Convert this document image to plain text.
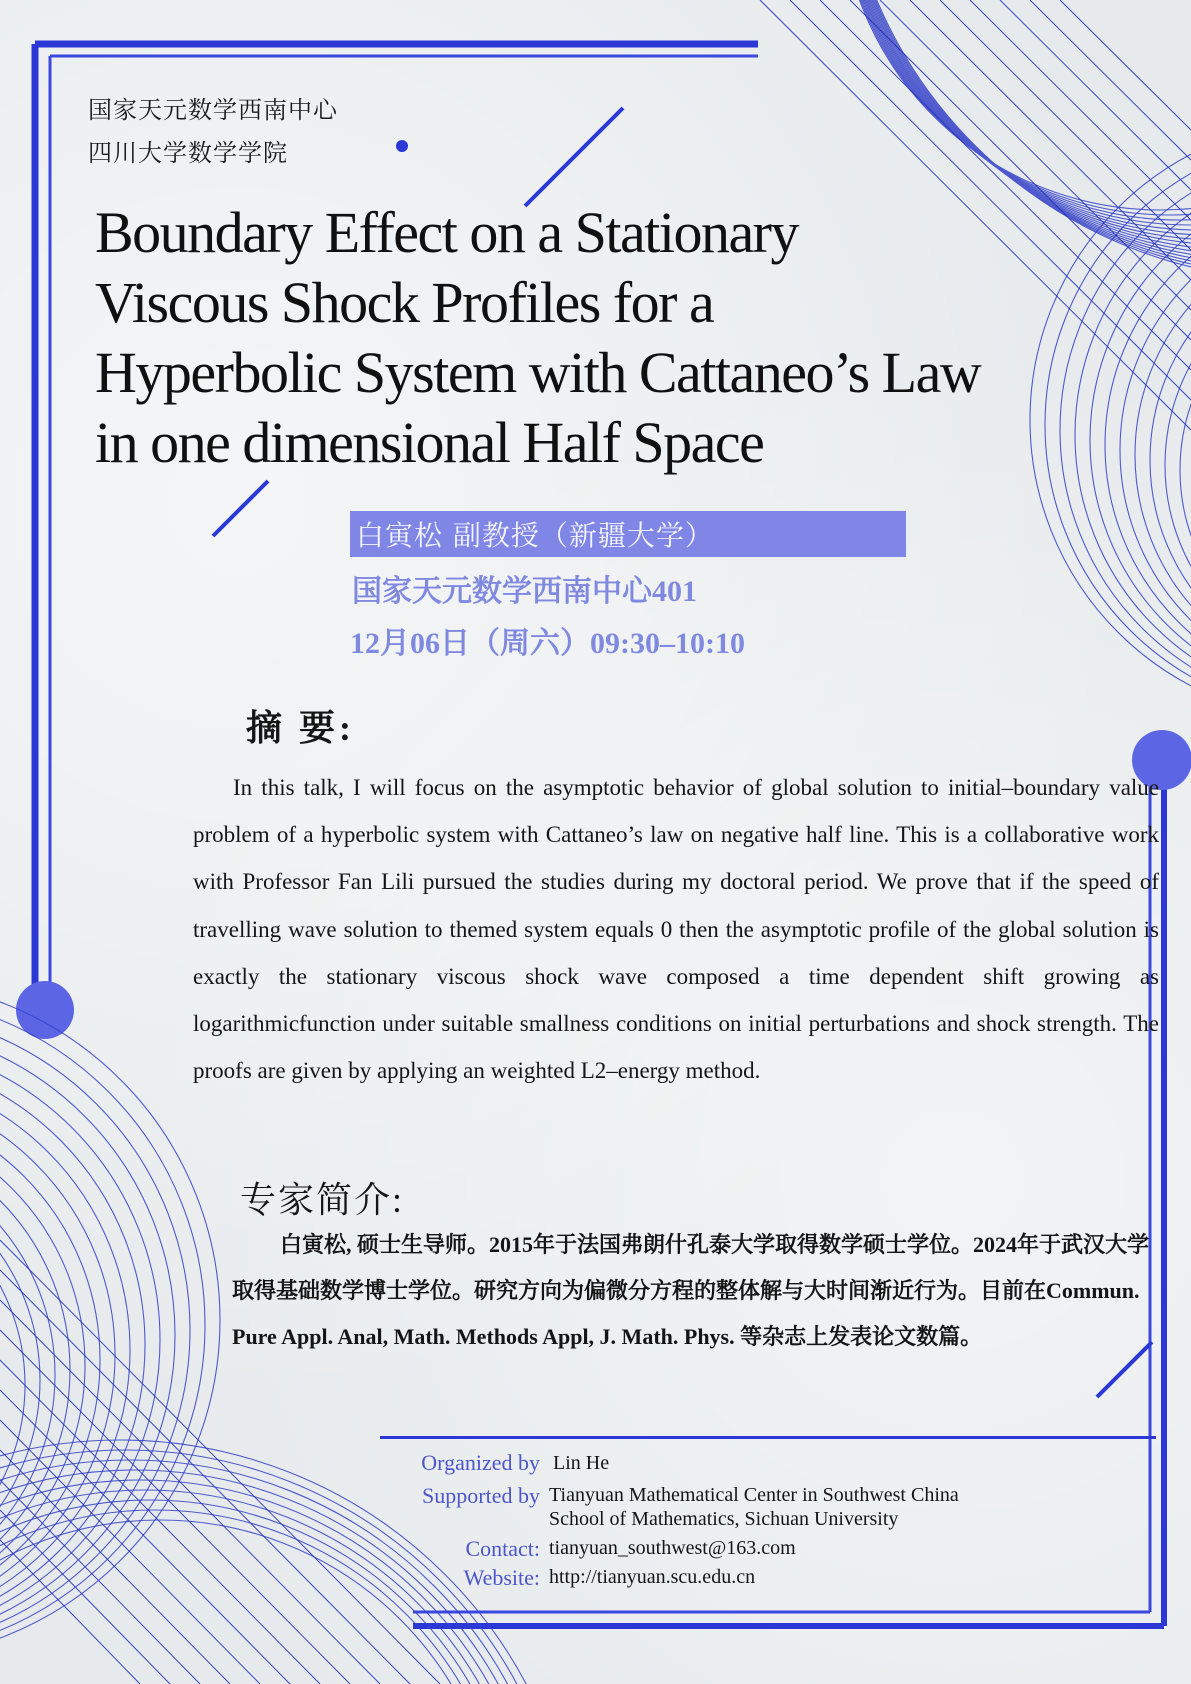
国家天元数学西南中心
四川大学数学学院
Boundary Effect on a Stationary
Viscous Shock Profiles for a
Hyperbolic System with Cattaneo’s Law
in one dimensional Half Space
白寅松 副教授（新疆大学）
国家天元数学西南中心401
12月06日（周六）09:30–10:10
摘 要:
In this talk, I will focus on the asymptotic behavior of global solution to initial–boundary value problem of a hyperbolic system with Cattaneo’s law on negative half line. This is a collaborative work with Professor Fan Lili pursued the studies during my doctoral period. We prove that if the speed of travelling wave solution to themed system equals 0 then the asymptotic profile of the global solution is exactly the stationary viscous shock wave composed a time dependent shift growing as logarithmicfunction under suitable smallness conditions on initial perturbations and shock strength. The proofs are given by applying an weighted L2–energy method.
专家简介:
白寅松, 硕士生导师。2015年于法国弗朗什孔泰大学取得数学硕士学位。2024年于武汉大学取得基础数学博士学位。研究方向为偏微分方程的整体解与大时间渐近行为。目前在Commun. Pure Appl. Anal, Math. Methods Appl, J. Math. Phys. 等杂志上发表论文数篇。
Organized by Lin He
Supported by Tianyuan Mathematical Center in Southwest China
School of Mathematics, Sichuan University
Contact: tianyuan_southwest@163.com
Website: http://tianyuan.scu.edu.cn
